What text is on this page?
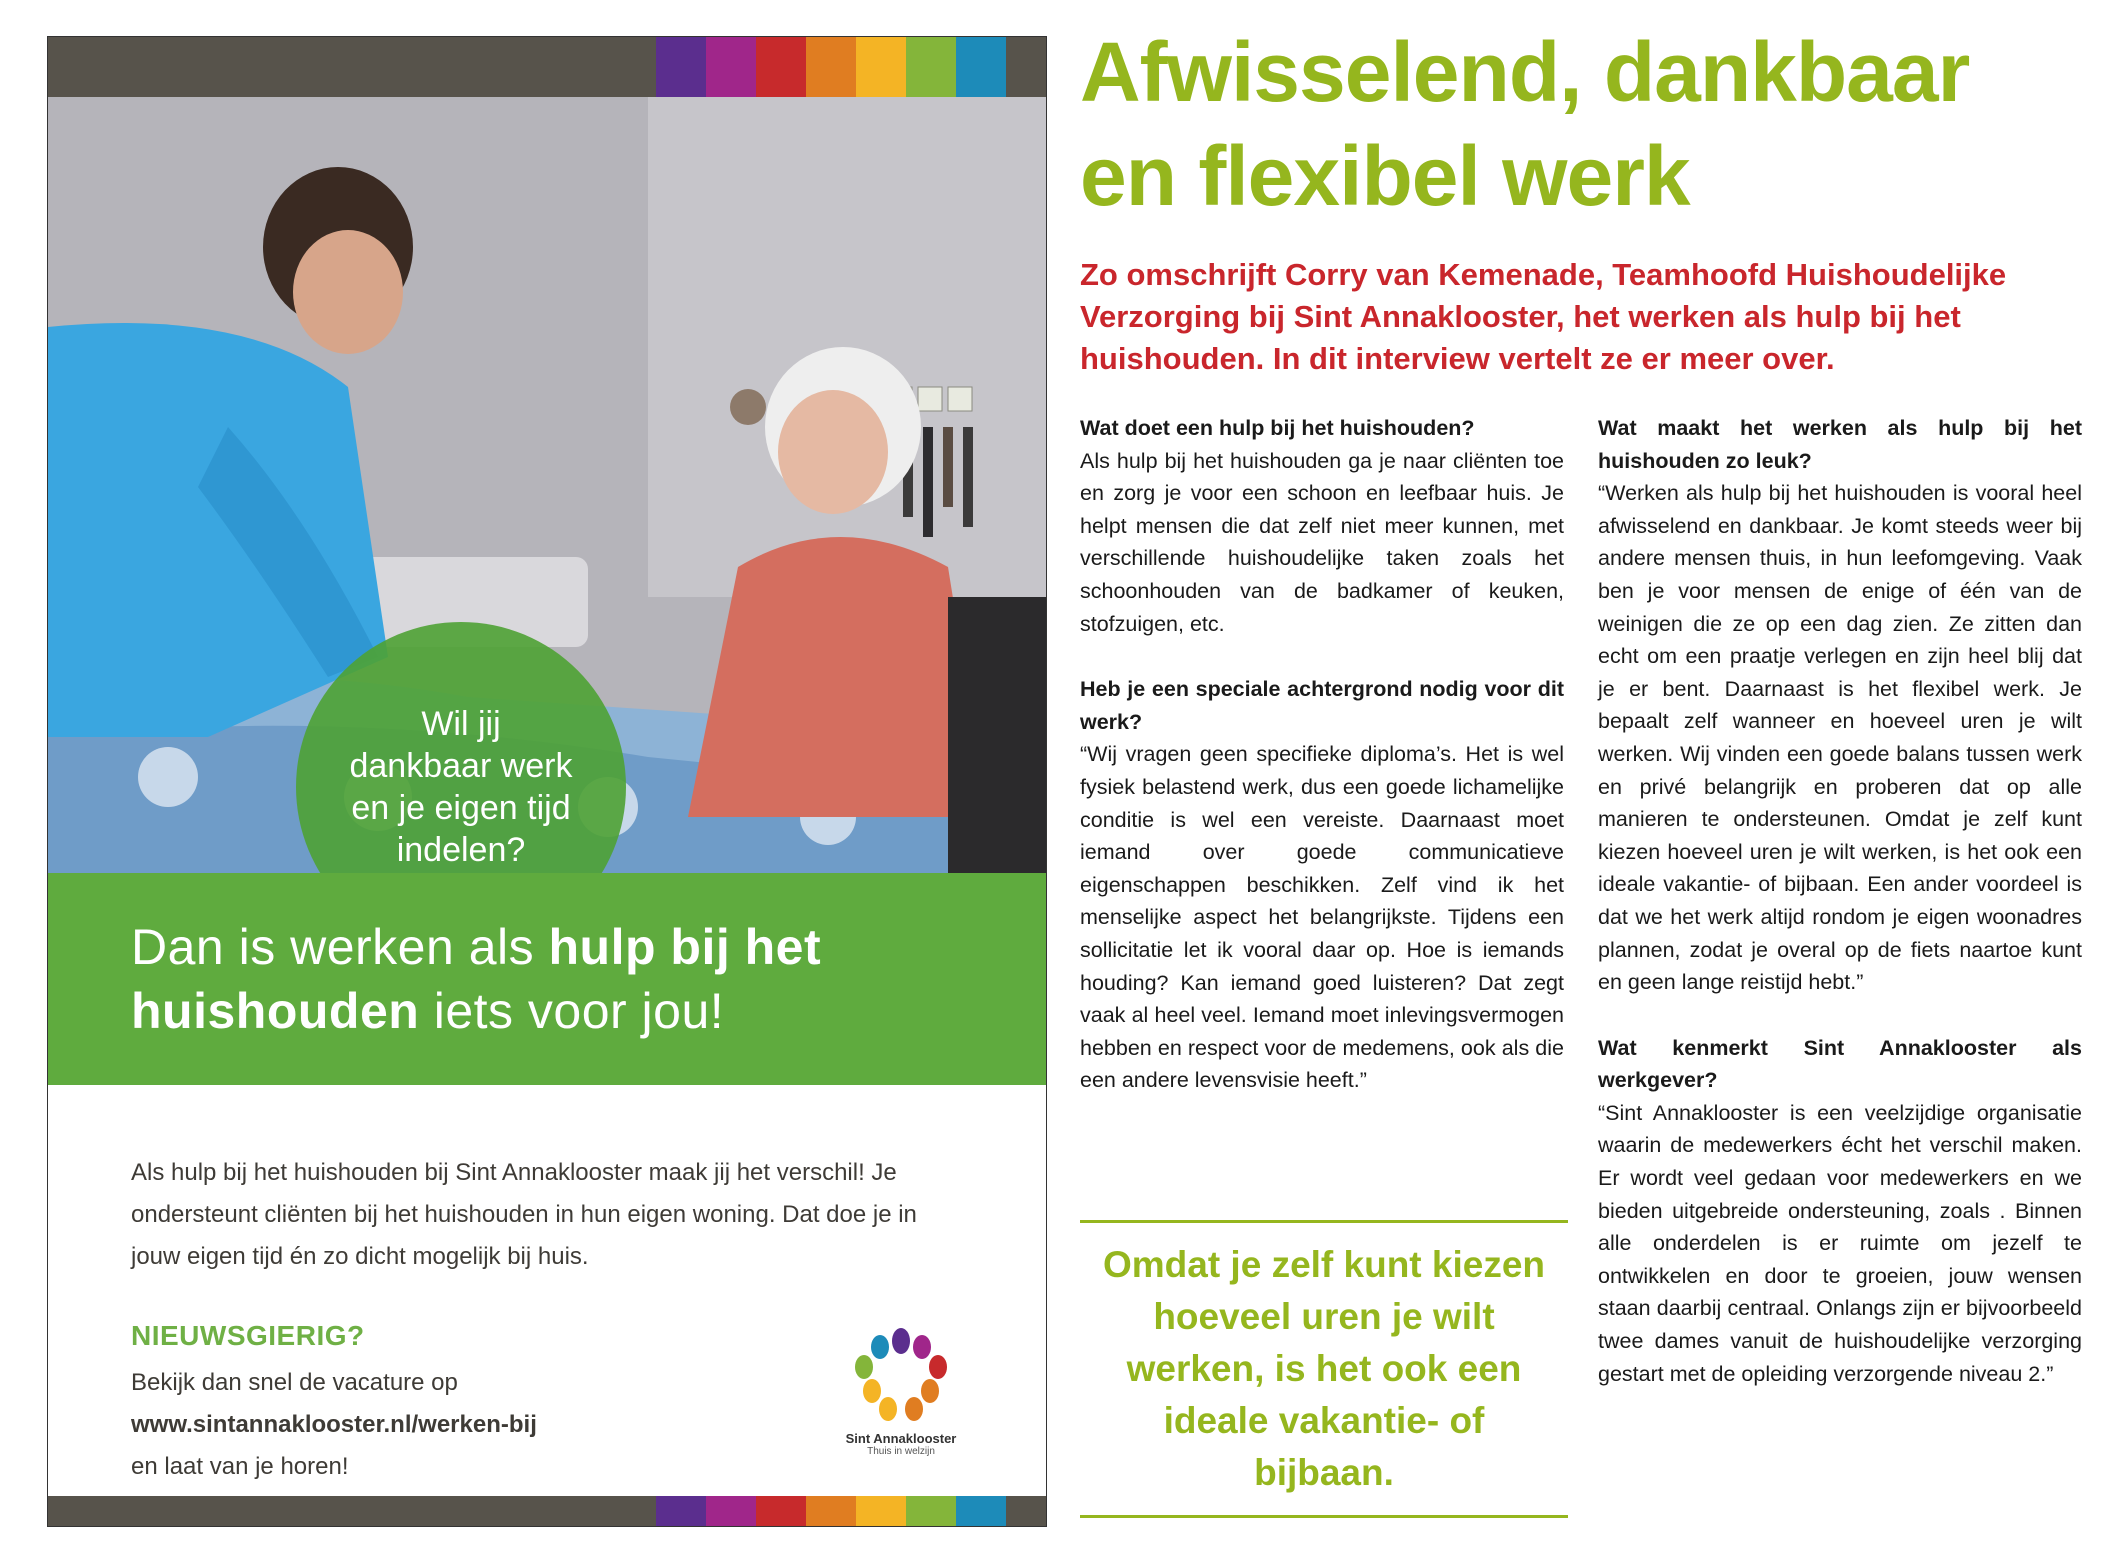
Wil jij
dankbaar werk
en je eigen tijd
indelen?
Dan is werken als hulp bij het huishouden iets voor jou!
Als hulp bij het huishouden bij Sint Annaklooster maak jij het verschil! Je ondersteunt cliënten bij het huishouden in hun eigen woning. Dat doe je in jouw eigen tijd én zo dicht mogelijk bij huis.
NIEUWSGIERIG?
Bekijk dan snel de vacature op
www.sintannaklooster.nl/werken-bij
en laat van je horen!
Sint Annaklooster
Thuis in welzijn
Afwisselend, dankbaar en flexibel werk
Zo omschrijft Corry van Kemenade, Teamhoofd Huishoudelijke Verzorging bij Sint Annaklooster, het werken als hulp bij het huishouden. In dit interview vertelt ze er meer over.
Wat doet een hulp bij het huishouden?

Als hulp bij het huishouden ga je naar cliënten toe en zorg je voor een schoon en leefbaar huis. Je helpt mensen die dat zelf niet meer kunnen, met verschillende huishoudelijke taken zoals het schoonhouden van de badkamer of keuken, stofzuigen, etc.

Heb je een speciale achtergrond nodig voor dit werk?

“Wij vragen geen specifieke diploma’s. Het is wel fysiek belastend werk, dus een goede lichamelijke conditie is wel een vereiste. Daarnaast moet iemand over goede communicatieve eigenschappen beschikken. Zelf vind ik het menselijke aspect het belangrijkste. Tijdens een sollicitatie let ik vooral daar op. Hoe is iemands houding? Kan iemand goed luisteren? Dat zegt vaak al heel veel. Iemand moet inlevingsvermogen hebben en respect voor de medemens, ook als die een andere levensvisie heeft.”

Omdat je zelf kunt kiezen hoeveel uren je wilt werken, is het ook een ideale vakantie- of bijbaan.
Wat maakt het werken als hulp bij het huishouden zo leuk?

“Werken als hulp bij het huishouden is vooral heel afwisselend en dankbaar. Je komt steeds weer bij andere mensen thuis, in hun leefomgeving. Vaak ben je voor mensen de enige of één van de weinigen die ze op een dag zien. Ze zitten dan echt om een praatje verlegen en zijn heel blij dat je er bent. Daarnaast is het flexibel werk. Je bepaalt zelf wanneer en hoeveel uren je wilt werken. Wij vinden een goede balans tussen werk en privé belangrijk en proberen dat op alle manieren te ondersteunen. Omdat je zelf kunt kiezen hoeveel uren je wilt werken, is het ook een ideale vakantie- of bijbaan. Een ander voordeel is dat we het werk altijd rondom je eigen woonadres plannen, zodat je overal op de fiets naartoe kunt en geen lange reistijd hebt.”

Wat kenmerkt Sint Annaklooster als werkgever?

“Sint Annaklooster is een veelzijdige organisatie waarin de medewerkers écht het verschil maken. Er wordt veel gedaan voor medewerkers en we bieden uitgebreide ondersteuning, zoals . Binnen alle onderdelen is er ruimte om jezelf te ontwikkelen en door te groeien, jouw wensen staan daarbij centraal. Onlangs zijn er bijvoorbeeld twee dames vanuit de huishoudelijke verzorging gestart met de opleiding verzorgende niveau 2.”
